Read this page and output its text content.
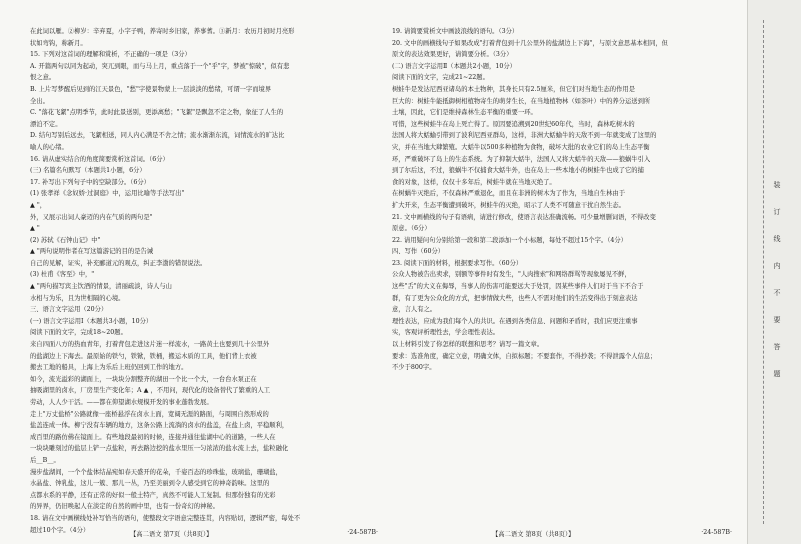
在此词以雁。②柳岁：辛弃夏，小字子鸭，养寄时乡旧家，养事蓍。③新月：农历月初时月亮形
状如弯钩，称新月。
15. 下列对这首词的理解和赏析，不正确的一项是（3分）
A. 开篇两句以同为起动，突兀到眼，而与马上月，重点落于一个"乎"字，梦被"惊破"，似有悲
恨之意。
B. 上片写梦醒后见到的江天景色，"愁"字使景物蒙上一层淡淡的愁绪，可谓一字而境界
全出。
C. "落花飞絮"点明季节，此时此景送别，更添离愁；"飞絮"是飘忽不定之物，象征了人生的
漂泊不定。
D. 结句写别后远去，飞絮相送，同人内心满是不舍之情；流水渐渐东流，词情流水的旷达比
喻人的心绪。
16. 请从虚实结合的角度简要赏析这首词。（6分）
(三) 名篇名句默写（本题共1小题，6分）
17. 补写出下列句子中的空缺部分。（6分）
(1) 张孝祥《念奴娇·过洞庭》中，运用比喻等手法写出"
▲ "，
外，又展示出词人豪迈的内在气质的两句是"
▲ "
(2) 苏轼《石钟山记》中"
▲ "两句说明作者在写这篇游记的目的是告诫
自己的见解，证实，补充郦道元的观点，纠正李渤的错误说法。
(3) 杜甫《客至》中，"
▲ "两句描写宾主饮酒的情景，清丽疏淡，诗人与山
水相与为乐，且为世相隔的心境。
三、语言文字运用（20分）
(一) 语言文字运用Ⅰ（本题共3小题，10分）
阅读下面的文字，完成18~20题。
来自四面八方的热血青年，打着背包走进这片迷一样流水，一路黄土也要到几十公里外
的盐湖边上下海去。最原始的铁勺，铁锨，铁桶，搬运木质的工具，他们背上衣被
搬去工地的船具，上海上为乐后上班仍回到工作的地方。
如今，流光溢彩的湖面上，一块块分割整齐的湖田一个比一个大，一台台水泵正在
抽吸湖里的卤水，厂房里生产变化年；A ▲ ，不用问，现代化的设备替代了繁重的人工
劳动，人人少干活。——都在仰望湖水规模开发的事业蓬勃发展。
走上"万丈盐桥"公路就像一座桥悬浮在卤水上面，宽阔无涯的路面，与周围自然形成的
盐盖连成一体。柳宁没有车辆的地方，这条公路上流淌的卤水的盐盖，在盐上卤，平稳顺利，
成百里的路仿佛在镜面上。有些地段最初的时候，连接并通往盐湖中心的道路，一些人在
一块块雕刻过的盐层上铲一点盐粒，再去路边挖的盐水里压一匀浓浓的盐水流上去，盐粒融化
后__B__。
漫步盐湖间，一个个盐体结晶宛如春天盛开的花朵，千姿百态的珍珠盐，玻璃盐，珊瑚盐，
水晶盐、钟乳盐，这儿一簇、那儿一丛，乃至美丽到令人感受到它的神奇韵味。这里的
点都水系的平静，还有正常的好似一般土特产，真然不可能人工复制。但那份独有的光彩
的异界，仍旧唤起人在淡定的自然的画中里，也有一份奇幻的神秘。
18. 请在文中画横线处补写恰当的语句，使整段文字语意完整连贯，内容贴切，逻辑严密，每处不
超过10个字。（4分）
【高二语文 第7页（共8页）】	·24-587B·
19. 请简要赏析文中画波浪线的语句。（3分）
20. 文中的画横线句子如果改成"打着背包到十几公里外的盐湖边上下海"，与原文意思基本相同，但
原文的表达效果更好，请简要分析。（3分）
(二) 语言文字运用Ⅱ（本题共2小题，10分）
阅读下面的文字，完成21~22题。
树蛙牛是发达尼西亚诸岛的本土物种，其身长只有2.5厘米，但它们对当地生态的作用是
巨大的：树蛙牛能抵御树相植物寄生的萌芽生长，在当地植物林（如茶叶）中的养分运送到所
土壤，因此，它们是维持森林生态平衡的重要一环。
可惜，这些树蛙牛在岛上死亡得了。原因要追溯到20世纪60年代，当时，森林吃树木的
法国人将大蛞蝓引带到了波利尼西亚群岛，这样，非洲大蛞蝓牛的天敌不到一年就变成了这里的
灾，并在当地大肆繁殖。大蛞牛以500多种植物为食物，破坏大批的农业它们的岛上生态平衡
环，严重破坏了岛上的生态系统。为了抑制大蛞牛，法国人又将大蛞牛的天敌——狼蜗牛引入
到了尔后这，不过，狼蜗牛不仅捕食大蛞牛外，也在岛上一些本地小的树蛙牛也成了它的捕
食的对象，这样，仅仅十多年后，树蛙牛就在当地灭绝了。
在树蜗牛灭绝后，不仅森林严重退化，而且在非洲的树木为了作为，当地自生林由于
扩大开来，生态平衡遭到破坏，树蛙牛的灭绝，昭示了人类不可随意干扰自然生态。
21. 文中画横线的句子有语病，请进行修改，使语言表达准确流畅。可少量增删词语，不得改变
原意。（6分）
22. 请用疑问句分别给第一段和第二段添加一个小标题，每处不超过15个字。（4分）
四、写作（60分）
23. 阅读下面的材料，根据要求写作。（60分）
公众人物被告出卖求，别额等事件时有发生，"人肉搜索"和网络群骂等现象屡见不鲜，
这些"舌"的大义在侮辱，当事人的伤害可能要远大于处罚，因某些事件人们对于当下不合于
群，有了更为公众化的方式，把事情做大些，也些人不需对他们的生活变得出于刻意表达
意，言人有之。
理性表达，应成为我们每个人的共识。在遇到各类信息、问题和矛盾时，我们应更注重事
实，客观评析理性去，学会理性表达。
以上材料引发了你怎样的联想和思考？请写一篇文章。
要求：选准角度，确定立意，明确文体，自拟标题；不要套作，不得抄袭；不得泄露个人信息；
不少于800字。
【高二语文 第8页（共8页）】	·24-587B·
装
订
线
内
不
要
答
题
